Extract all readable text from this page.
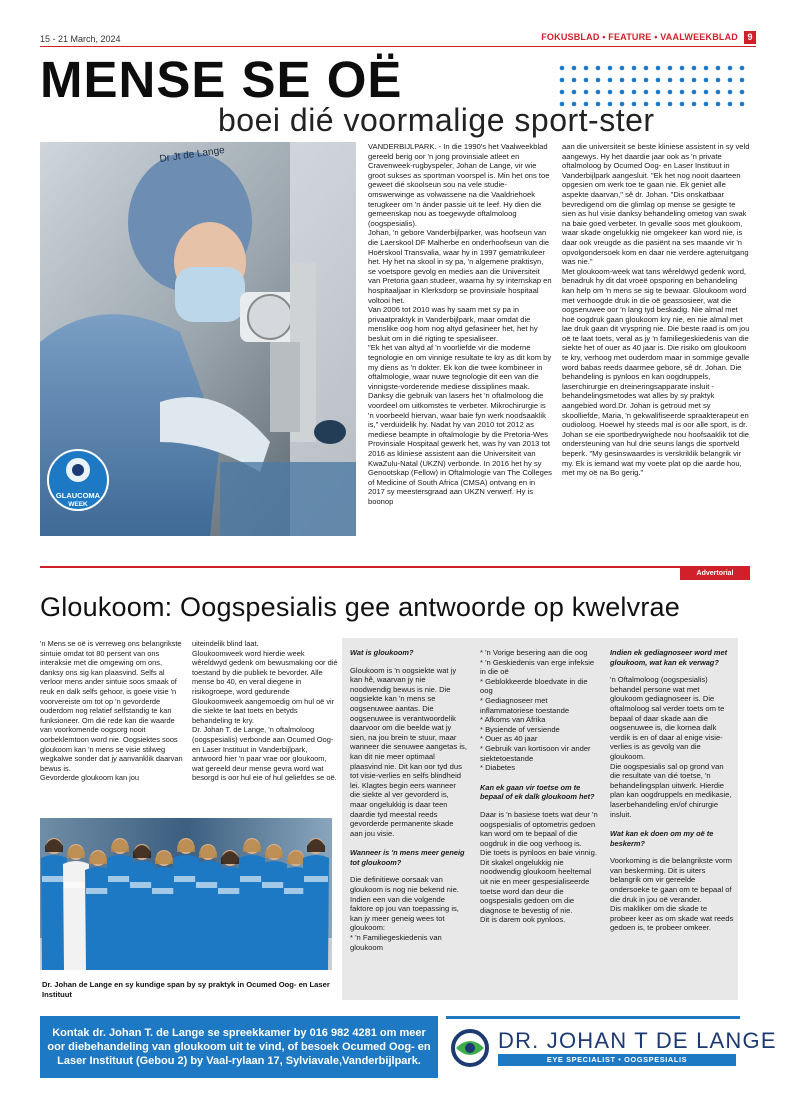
15 - 21 March, 2024	FOKUSBLAD • FEATURE • VAALWEEKBLAD	9
MENSE SE OË
boei dié voormalige sport-ster
Dr Jt de Lange
GLAUCOMA
WEEK
VANDERBIJLPARK. - In die 1990's het Vaalweekblad gereeld berig oor 'n jong provinsiale atleet en Cravenweek-rugbyspeler, Johan de Lange, vir wie groot sukses as sportman voorspel is. Min het ons toe geweet dié skoolseun sou na vele studie-omswerwinge as volwassene na die Vaaldriehoek terugkeer om 'n ánder passie uit te leef. Hy dien die gemeenskap nou as toegewyde oftalmoloog (oogspesialis).
Johan, 'n gebore Vanderbijlparker, was hoofseun van die Laerskool DF Malherbe en onderhoofseun van die Hoërskool Transvalia, waar hy in 1997 gematrikuleer het. Hy het na skool in sy pa, 'n algemene praktisyn, se voetspore gevolg en medies aan die Universiteit van Pretoria gaan studeer, waarna hy sy internskap en hospitaaljaar in Klerksdorp se provinsiale hospitaal voltooi het.
Van 2006 tot 2010 was hy saam met sy pa in privaatpraktyk in Vanderbijlpark, maar omdat die menslike oog hom nog altyd gefasineer het, het hy besluit om in dié rigting te spesialiseer.
"Ek het van altyd af 'n voorliefde vir die moderne tegnologie en om vinnige resultate te kry as dit kom by my diens as 'n dokter. Ek kon die twee kombineer in oftalmologie, waar nuwe tegnologie dit een van die vinnigste-vorderende mediese dissiplines maak. Danksy die gebruik van lasers het 'n oftalmoloog die voordeel om uitkomstes te verbeter. Mikrochirurgie is 'n voorbeeld hiervan, waar baie fyn werk noodsaaklik is," verduidelik hy. Nadat hy van 2010 tot 2012 as mediese beampte in oftalmologie by die Pretoria-Wes Provinsiale Hospitaal gewerk het, was hy van 2013 tot 2016 as kliniese assistent aan die Universiteit van KwaZulu-Natal (UKZN) verbonde. In 2016 het hy sy Genootskap (Fellow) in Oftalmologie van The Colleges of Medicine of South Africa (CMSA) ontvang en in 2017 sy meestersgraad aan UKZN verwerf. Hy is boonop
aan die universiteit se beste kliniese assistent in sy veld aangewys. Hy het daardie jaar ook as 'n private oftalmoloog by Ocumed Oog- en Laser Instituut in Vanderbijlpark aangesluit. "Ek het nog nooit daarteen opgesien om werk toe te gaan nie. Ek geniet alle aspekte daarvan," sê dr. Johan. "Dis onskatbaar bevredigend om die glimlag op mense se gesigte te sien as hul visie danksy behandeling ometog van swak na baie goed verbeter. In gevalle soos met gloukoom, waar skade ongelukkig nie omgekeer kan word nie, is daar ook vreugde as die pasiënt na ses maande vir 'n opvolgondersoek kom en daar nie verdere agteruitgang was nie."
Met gloukoom-week wat tans wêreldwyd gedenk word, benadruk hy dit dat vroeë opsporing en behandeling kan help om 'n mens se sig te bewaar. Gloukoom word met verhoogde druk in die oë geassosieer, wat die oogsenuwee oor 'n lang tyd beskadig. Nie almal met hoë oogdruk gaan gloukoom kry nie, en nie almal met lae druk gaan dit vryspring nie. Die beste raad is om jou oë te laat toets, veral as jy 'n familiegeskiedenis van die siekte het of ouer as 40 jaar is. Die risiko om gloukoom te kry, verhoog met ouderdom maar in sommige gevalle word babas reeds daarmee gebore, sê dr. Johan. Die behandeling is pynloos en kan oogdruppels, laserchirurgie en dreineringsapparate insluit - behandelingsmetodes wat alles by sy praktyk aangebied word.Dr. Johan is getroud met sy skoolliefde, Maria, 'n gekwalifiseerde spraakterapeut en oudioloog. Hoewel hy steeds mal is oor alle sport, is dr. Johan se eie sportbedrywighede nou hoofsaaklik tot die ondersteuning van hul drie seuns langs die sportveld beperk. "My gesinswaardes is verskriklik belangrik vir my. Ek is iemand wat my voete plat op die aarde hou, met my oë na Bo gerig."
Advertorial
Gloukoom: Oogspesialis gee antwoorde op kwelvrae
'n Mens se oë is verreweg ons belangrikste sintuie omdat tot 80 persent van ons interaksie met die omgewing om ons, danksy ons sig kan plaasvind. Selfs al verloor mens ander sintuie soos smaak of reuk en dalk selfs gehoor, is goeie visie 'n voorvereiste om tot op 'n gevorderde ouderdom nog relatief selfstandig te kan funksioneer. Om dié rede kan die waarde van voorkomende oogsorg nooit oorbeklemtoon word nie. Oogsiektes soos gloukoom kan 'n mens se visie stilweg wegkalwe sonder dat jy aanvanklik daarvan bewus is.
Gevorderde gloukoom kan jou
uiteindelik blind laat.
Gloukoomweek word hierdie week wêreldwyd gedenk om bewusmaking oor dié toestand by die publiek te bevorder. Alle mense bo 40, en veral diegene in risikogroepe, word gedurende Gloukoomweek aangemoedig om hul oë vir die siekte te laat toets en betyds behandeling te kry.
Dr. Johan T. de Lange, 'n oftalmoloog (oogspesialis) verbonde aan Ocumed Oog- en Laser Instituut in Vanderbijlpark, antwoord hier 'n paar vrae oor gloukoom, wat gereeld deur mense gevra word wat besorgd is oor hul eie of hul geliefdes se oë.
Wat is gloukoom?
Gloukoom is 'n oogsiekte wat jy kan hê, waarvan jy nie noodwendig bewus is nie. Die oogsiekte kan 'n mens se oogsenuwee aantas. Die oogsenuwee is verantwoordelik daarvoor om die beelde wat jy sien, na jou brein te stuur, maar wanneer die senuwee aangetas is, kan dit nie meer optimaal plaasvind nie. Dit kan oor tyd dus tot visie-verlies en selfs blindheid lei. Klagtes begin eers wanneer die siekte al ver gevorderd is, maar ongelukkig is daar teen daardie tyd meestal reeds gevorderde permanente skade aan jou visie.
Wanneer is 'n mens meer geneig tot gloukoom?
Die definitiewe oorsaak van gloukoom is nog nie bekend nie. Indien een van die volgende faktore op jou van toepassing is, kan jy meer geneig wees tot gloukoom:
* 'n Familiegeskiedenis van gloukoom
* 'n Vorige besering aan die oog
* 'n Geskiedenis van erge infeksie in die oë
* Geblokkeerde bloedvate in die oog
* Gediagnoseer met inflammatoriese toestande
* Afkoms van Afrika
* Bysiende of versiende
* Ouer as 40 jaar
* Gebruik van kortisoon vir ander siektetoestande
* Diabetes
Kan ek gaan vir toetse om te bepaal of ek dalk gloukoom het?
Daar is 'n basiese toets wat deur 'n oogspesialis of optometris gedoen kan word om te bepaal of die oogdruk in die oog verhoog is.
Die toets is pynloos en baie vinnig. Dit skakel ongelukkig nie noodwendig gloukoom heeltemal uit nie en meer gespesialiseerde toetse word dan deur die oogspesialis gedoen om die diagnose te bevestig of nie.
Dit is darem ook pynloos.
Indien ek gediagnoseer word met gloukoom, wat kan ek verwag?
'n Oftalmoloog (oogspesialis) behandel persone wat met gloukoom gediagnoseer is. Die oftalmoloog sal verder toets om te bepaal of daar skade aan die oogsenuwee is, die kornea dalk verdik is en of daar al enige visie-verlies is as gevolg van die gloukoom.
Die oogspesialis sal op grond van die resultate van dié toetse, 'n behandelingsplan uitwerk. Hierdie plan kan oogdruppels en medikasie, laserbehandeling en/of chirurgie insluit.
Wat kan ek doen om my oë te beskerm?
Voorkoming is die belangrikste vorm van beskerming. Dit is uiters belangrik om vir gereelde ondersoeke te gaan om te bepaal of die druk in jou oë verander.
Dis makliker om die skade te probeer keer as om skade wat reeds gedoen is, te probeer omkeer.
Dr. Johan de Lange en sy kundige span by sy praktyk in Ocumed Oog- en Laser Instituut
Kontak dr. Johan T. de Lange se spreekkamer by 016 982 4281 om meer oor diebehandeling van gloukoom uit te vind, of besoek Ocumed Oog- en Laser Instituut (Gebou 2) by Vaal-rylaan 17, Sylviavale,Vanderbijlpark.
DR. JOHAN T DE LANGE
EYE SPECIALIST • OOGSPESIALIS
